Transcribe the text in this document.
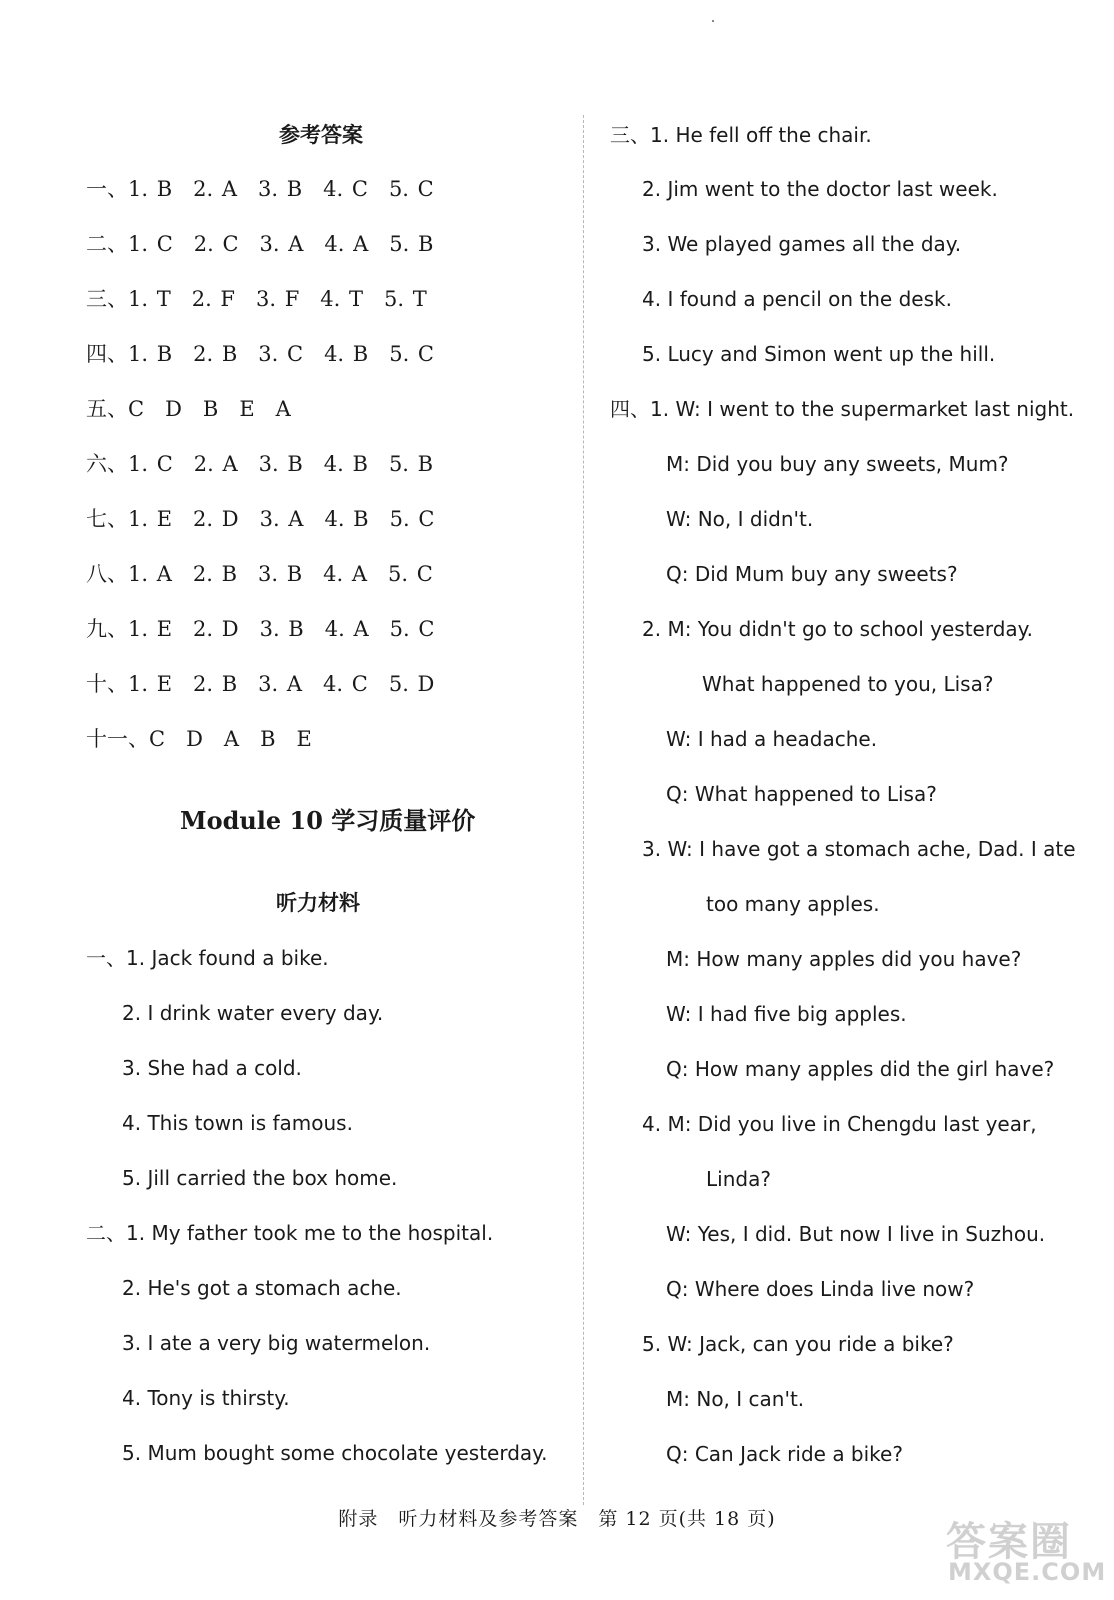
参考答案
一、1. B　2. A　3. B　4. C　5. C
二、1. C　2. C　3. A　4. A　5. B
三、1. T　2. F　3. F　4. T　5. T
四、1. B　2. B　3. C　4. B　5. C
五、C　D　B　E　A
六、1. C　2. A　3. B　4. B　5. B
七、1. E　2. D　3. A　4. B　5. C
八、1. A　2. B　3. B　4. A　5. C
九、1. E　2. D　3. B　4. A　5. C
十、1. E　2. B　3. A　4. C　5. D
十一、C　D　A　B　E
Module 10 学习质量评价
听力材料
一、1. Jack found a bike.
2. I drink water every day.
3. She had a cold.
4. This town is famous.
5. Jill carried the box home.
二、1. My father took me to the hospital.
2. He's got a stomach ache.
3. I ate a very big watermelon.
4. Tony is thirsty.
5. Mum bought some chocolate yesterday.
三、1. He fell off the chair.
2. Jim went to the doctor last week.
3. We played games all the day.
4. I found a pencil on the desk.
5. Lucy and Simon went up the hill.
四、1. W: I went to the supermarket last night.
M: Did you buy any sweets, Mum?
W: No, I didn't.
Q: Did Mum buy any sweets?
2. M: You didn't go to school yesterday.
What happened to you, Lisa?
W: I had a headache.
Q: What happened to Lisa?
3. W: I have got a stomach ache, Dad. I ate
too many apples.
M: How many apples did you have?
W: I had five big apples.
Q: How many apples did the girl have?
4. M: Did you live in Chengdu last year,
Linda?
W: Yes, I did. But now I live in Suzhou.
Q: Where does Linda live now?
5. W: Jack, can you ride a bike?
M: No, I can't.
Q: Can Jack ride a bike?
附录　听力材料及参考答案　第 12 页(共 18 页)	答案圈
MXQE.COM
